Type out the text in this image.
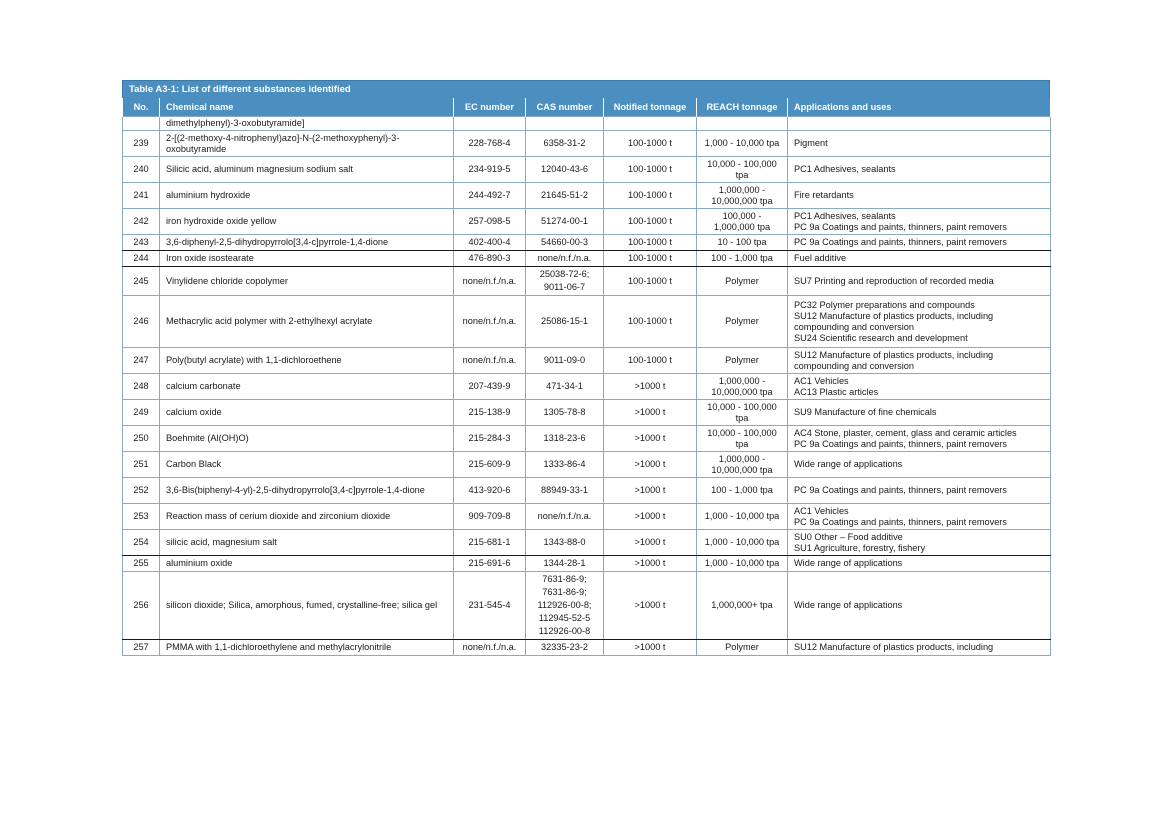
Table A3-1: List of different substances identified
No.	Chemical name	EC number	CAS number	Notified tonnage	REACH tonnage	Applications and uses
	dimethylphenyl)-3-oxobutyramide]		

239	2-[(2-methoxy-4-nitrophenyl)azo]-N-(2-methoxyphenyl)-3-oxobutyramide	228-768-4	6358-31-2	100-1000 t	1,000 - 10,000 tpa	Pigment

240	Silicic acid, aluminum magnesium sodium salt	234-919-5	12040-43-6	100-1000 t	10,000 - 100,000 tpa	PC1 Adhesives, sealants

241	aluminium hydroxide	244-492-7	21645-51-2	100-1000 t	1,000,000 - 10,000,000 tpa	Fire retardants

242	iron hydroxide oxide yellow	257-098-5	51274-00-1	100-1000 t	100,000 - 1,000,000 tpa	PC1 Adhesives, sealants
PC 9a Coatings and paints, thinners, paint removers

243	3,6-diphenyl-2,5-dihydropyrrolo[3,4-c]pyrrole-1,4-dione	402-400-4	54660-00-3	100-1000 t	10 - 100 tpa	PC 9a Coatings and paints, thinners, paint removers

244	Iron oxide isostearate	476-890-3	none/n.f./n.a.	100-1000 t	100 - 1,000 tpa	Fuel additive

245	Vinylidene chloride copolymer	none/n.f./n.a.	25038-72-6;
9011-06-7	100-1000 t	Polymer	SU7 Printing and reproduction of recorded media

246	Methacrylic acid polymer with 2-ethylhexyl acrylate	none/n.f./n.a.	25086-15-1	100-1000 t	Polymer	PC32 Polymer preparations and compounds
SU12 Manufacture of plastics products, including compounding and conversion
SU24 Scientific research and development

247	Poly(butyl acrylate) with 1,1-dichloroethene	none/n.f./n.a.	9011-09-0	100-1000 t	Polymer	SU12 Manufacture of plastics products, including compounding and conversion

248	calcium carbonate	207-439-9	471-34-1	>1000 t	1,000,000 - 10,000,000 tpa	AC1 Vehicles
AC13 Plastic articles

249	calcium oxide	215-138-9	1305-78-8	>1000 t	10,000 - 100,000 tpa	SU9 Manufacture of fine chemicals

250	Boehmite (Al(OH)O)	215-284-3	1318-23-6	>1000 t	10,000 - 100,000 tpa	AC4 Stone, plaster, cement, glass and ceramic articles
PC 9a Coatings and paints, thinners, paint removers

251	Carbon Black	215-609-9	1333-86-4	>1000 t	1,000,000 - 10,000,000 tpa	Wide range of applications

252	3,6-Bis(biphenyl-4-yl)-2,5-dihydropyrrolo[3,4-c]pyrrole-1,4-dione	413-920-6	88949-33-1	>1000 t	100 - 1,000 tpa	PC 9a Coatings and paints, thinners, paint removers

253	Reaction mass of cerium dioxide and zirconium dioxide	909-709-8	none/n.f./n.a.	>1000 t	1,000 - 10,000 tpa	AC1 Vehicles
PC 9a Coatings and paints, thinners, paint removers

254	silicic acid, magnesium salt	215-681-1	1343-88-0	>1000 t	1,000 - 10,000 tpa	SU0 Other – Food additive
SU1 Agriculture, forestry, fishery

255	aluminium oxide	215-691-6	1344-28-1	>1000 t	1,000 - 10,000 tpa	Wide range of applications

256	silicon dioxide; Silica, amorphous, fumed, crystalline-free; silica gel	231-545-4	7631-86-9;
7631-86-9;
112926-00-8;
112945-52-5
112926-00-8	>1000 t	1,000,000+ tpa	Wide range of applications

257	PMMA with 1,1-dichloroethylene and methylacrylonitrile	none/n.f./n.a.	32335-23-2	>1000 t	Polymer	SU12 Manufacture of plastics products, including
